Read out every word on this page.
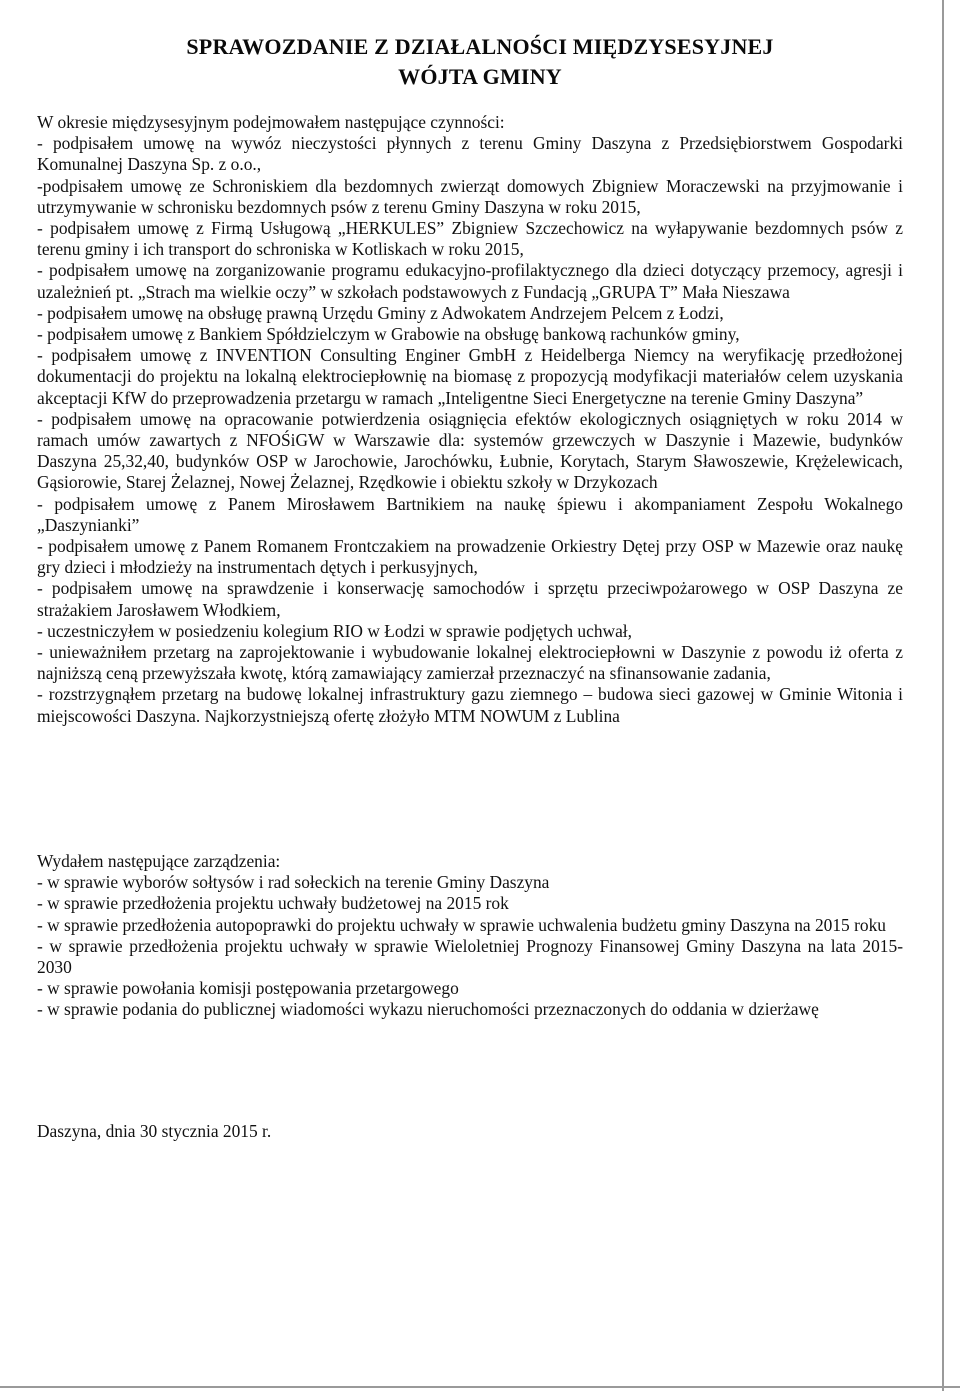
SPRAWOZDANIE Z DZIAŁALNOŚCI MIĘDZYSESYJNEJ
WÓJTA GMINY

W okresie międzysesyjnym podejmowałem następujące czynności:

- podpisałem umowę na wywóz nieczystości płynnych z terenu Gminy Daszyna z Przedsiębiorstwem Gospodarki Komunalnej Daszyna Sp. z o.o.,

-podpisałem umowę ze Schroniskiem dla bezdomnych zwierząt domowych Zbigniew Moraczewski na przyjmowanie i utrzymywanie w schronisku bezdomnych psów z terenu Gminy Daszyna w roku 2015,

- podpisałem umowę z Firmą Usługową „HERKULES” Zbigniew Szczechowicz na wyłapywanie bezdomnych psów z terenu gminy i ich transport do schroniska w Kotliskach w roku 2015,

- podpisałem umowę na zorganizowanie programu edukacyjno-profilaktycznego dla dzieci dotyczący przemocy, agresji i uzależnień pt. „Strach ma wielkie oczy” w szkołach podstawowych z Fundacją „GRUPA T” Mała Nieszawa

- podpisałem umowę na obsługę prawną Urzędu Gminy z Adwokatem Andrzejem Pelcem z Łodzi,

- podpisałem umowę z Bankiem Spółdzielczym w Grabowie na obsługę bankową rachunków gminy,

- podpisałem umowę z INVENTION Consulting Enginer GmbH z Heidelberga Niemcy na weryfikację przedłożonej dokumentacji do projektu na lokalną elektrociepłownię na biomasę z propozycją modyfikacji materiałów celem uzyskania akceptacji KfW do przeprowadzenia przetargu w ramach „Inteligentne Sieci Energetyczne na terenie Gminy Daszyna”

- podpisałem umowę na opracowanie potwierdzenia osiągnięcia efektów ekologicznych osiągniętych w roku 2014 w ramach umów zawartych z NFOŚiGW w Warszawie dla: systemów grzewczych w Daszynie i Mazewie, budynków Daszyna 25,32,40, budynków OSP w Jarochowie, Jarochówku, Łubnie, Korytach, Starym Sławoszewie, Krężelewicach, Gąsiorowie, Starej Żelaznej, Nowej Żelaznej, Rzędkowie i obiektu szkoły w Drzykozach

- podpisałem umowę z Panem Mirosławem Bartnikiem na naukę śpiewu i akompaniament Zespołu Wokalnego „Daszynianki”

- podpisałem umowę z Panem Romanem Frontczakiem na prowadzenie Orkiestry Dętej przy OSP w Mazewie oraz naukę gry dzieci i młodzieży na instrumentach dętych i perkusyjnych,

- podpisałem umowę na sprawdzenie i konserwację samochodów i sprzętu przeciwpożarowego w OSP Daszyna ze strażakiem Jarosławem Włodkiem,

- uczestniczyłem w posiedzeniu kolegium RIO w Łodzi w sprawie podjętych uchwał,

- unieważniłem przetarg na zaprojektowanie i wybudowanie lokalnej elektrociepłowni w Daszynie z powodu iż oferta z najniższą ceną przewyższała kwotę, którą zamawiający zamierzał przeznaczyć na sfinansowanie zadania,

- rozstrzygnąłem przetarg na budowę lokalnej infrastruktury gazu ziemnego – budowa sieci gazowej w Gminie Witonia i miejscowości Daszyna. Najkorzystniejszą ofertę złożyło MTM NOWUM z Lublina

Wydałem następujące zarządzenia:

- w sprawie wyborów sołtysów i rad sołeckich na terenie Gminy Daszyna

- w sprawie przedłożenia projektu uchwały budżetowej na 2015 rok

- w sprawie przedłożenia autopoprawki do projektu uchwały w sprawie uchwalenia budżetu gminy Daszyna na 2015 roku

- w sprawie przedłożenia projektu uchwały w sprawie Wieloletniej Prognozy Finansowej Gminy Daszyna na lata 2015-2030

- w sprawie powołania komisji postępowania przetargowego

- w sprawie podania do publicznej wiadomości wykazu nieruchomości przeznaczonych do oddania w dzierżawę

Daszyna, dnia 30 stycznia 2015 r.
